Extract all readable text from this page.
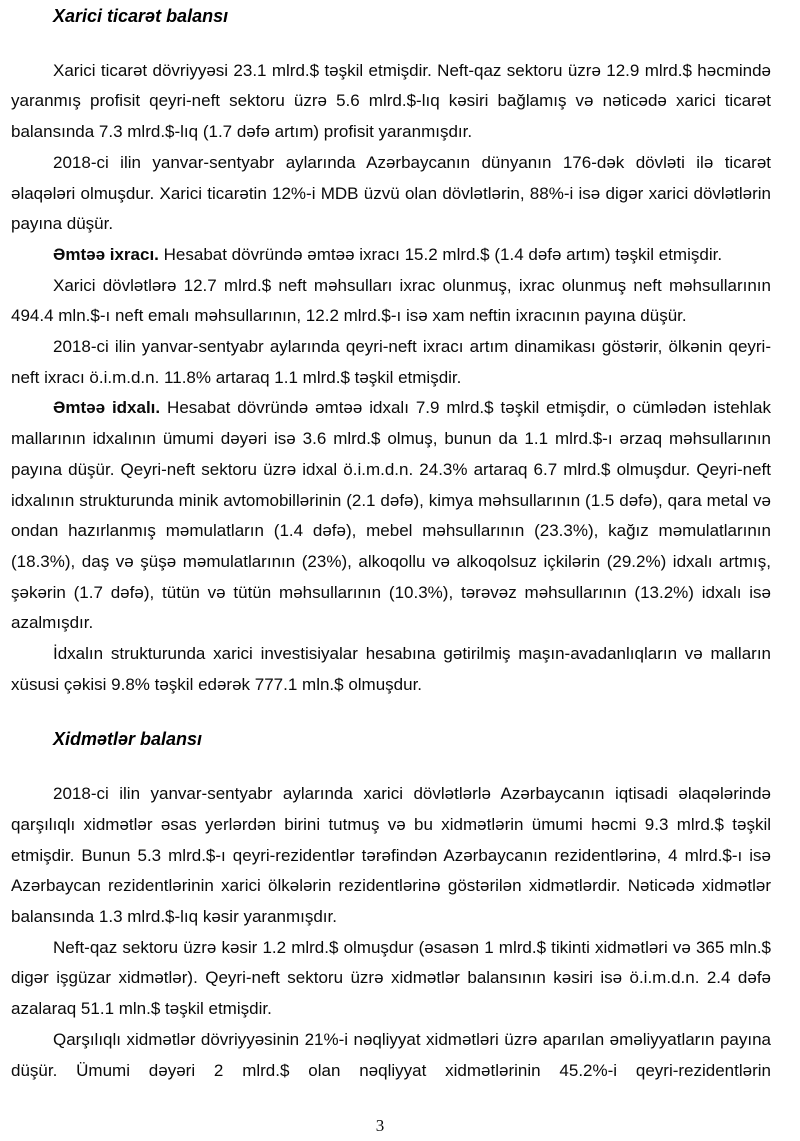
Xarici ticarət balansı

Xarici ticarət dövriyyəsi 23.1 mlrd.$ təşkil etmişdir. Neft-qaz sektoru üzrə 12.9 mlrd.$ həcmində yaranmış profisit qeyri-neft sektoru üzrə 5.6 mlrd.$-lıq kəsiri bağlamış və nəticədə xarici ticarət balansında 7.3 mlrd.$-lıq (1.7 dəfə artım) profisit yaranmışdır.

2018-ci ilin yanvar-sentyabr aylarında Azərbaycanın dünyanın 176-dək dövləti ilə ticarət əlaqələri olmuşdur. Xarici ticarətin 12%-i MDB üzvü olan dövlətlərin, 88%-i isə digər xarici dövlətlərin payına düşür.

Əmtəə ixracı. Hesabat dövründə əmtəə ixracı 15.2 mlrd.$ (1.4 dəfə artım) təşkil etmişdir.

Xarici dövlətlərə 12.7 mlrd.$ neft məhsulları ixrac olunmuş, ixrac olunmuş neft məhsullarının 494.4 mln.$-ı neft emalı məhsullarının, 12.2 mlrd.$-ı isə xam neftin ixracının payına düşür.

2018-ci ilin yanvar-sentyabr aylarında qeyri-neft ixracı artım dinamikası göstərir, ölkənin qeyri-neft ixracı ö.i.m.d.n. 11.8% artaraq 1.1 mlrd.$ təşkil etmişdir.

Əmtəə idxalı. Hesabat dövründə əmtəə idxalı 7.9 mlrd.$ təşkil etmişdir, o cümlədən istehlak mallarının idxalının ümumi dəyəri isə 3.6 mlrd.$ olmuş, bunun da 1.1 mlrd.$-ı ərzaq məhsullarının payına düşür. Qeyri-neft sektoru üzrə idxal ö.i.m.d.n. 24.3% artaraq 6.7 mlrd.$ olmuşdur. Qeyri-neft idxalının strukturunda minik avtomobillərinin (2.1 dəfə), kimya məhsullarının (1.5 dəfə), qara metal və ondan hazırlanmış məmulatların (1.4 dəfə), mebel məhsullarının (23.3%), kağız məmulatlarının (18.3%), daş və şüşə məmulatlarının (23%), alkoqollu və alkoqolsuz içkilərin (29.2%) idxalı artmış, şəkərin (1.7 dəfə), tütün və tütün məhsullarının (10.3%), tərəvəz məhsullarının (13.2%) idxalı isə azalmışdır.

İdxalın strukturunda xarici investisiyalar hesabına gətirilmiş maşın-avadanlıqların və malların xüsusi çəkisi 9.8% təşkil edərək 777.1 mln.$ olmuşdur.

Xidmətlər balansı

2018-ci ilin yanvar-sentyabr aylarında xarici dövlətlərlə Azərbaycanın iqtisadi əlaqələrində qarşılıqlı xidmətlər əsas yerlərdən birini tutmuş və bu xidmətlərin ümumi həcmi 9.3 mlrd.$ təşkil etmişdir. Bunun 5.3 mlrd.$-ı qeyri-rezidentlər tərəfindən Azərbaycanın rezidentlərinə, 4 mlrd.$-ı isə Azərbaycan rezidentlərinin xarici ölkələrin rezidentlərinə göstərilən xidmətlərdir. Nəticədə xidmətlər balansında 1.3 mlrd.$-lıq kəsir yaranmışdır.

Neft-qaz sektoru üzrə kəsir 1.2 mlrd.$ olmuşdur (əsasən 1 mlrd.$ tikinti xidmətləri və 365 mln.$ digər işgüzar xidmətlər). Qeyri-neft sektoru üzrə xidmətlər balansının kəsiri isə ö.i.m.d.n. 2.4 dəfə azalaraq 51.1 mln.$ təşkil etmişdir.

Qarşılıqlı xidmətlər dövriyyəsinin 21%-i nəqliyyat xidmətləri üzrə aparılan əməliyyatların payına düşür. Ümumi dəyəri 2 mlrd.$ olan nəqliyyat xidmətlərinin 45.2%-i qeyri-rezidentlərin

3
